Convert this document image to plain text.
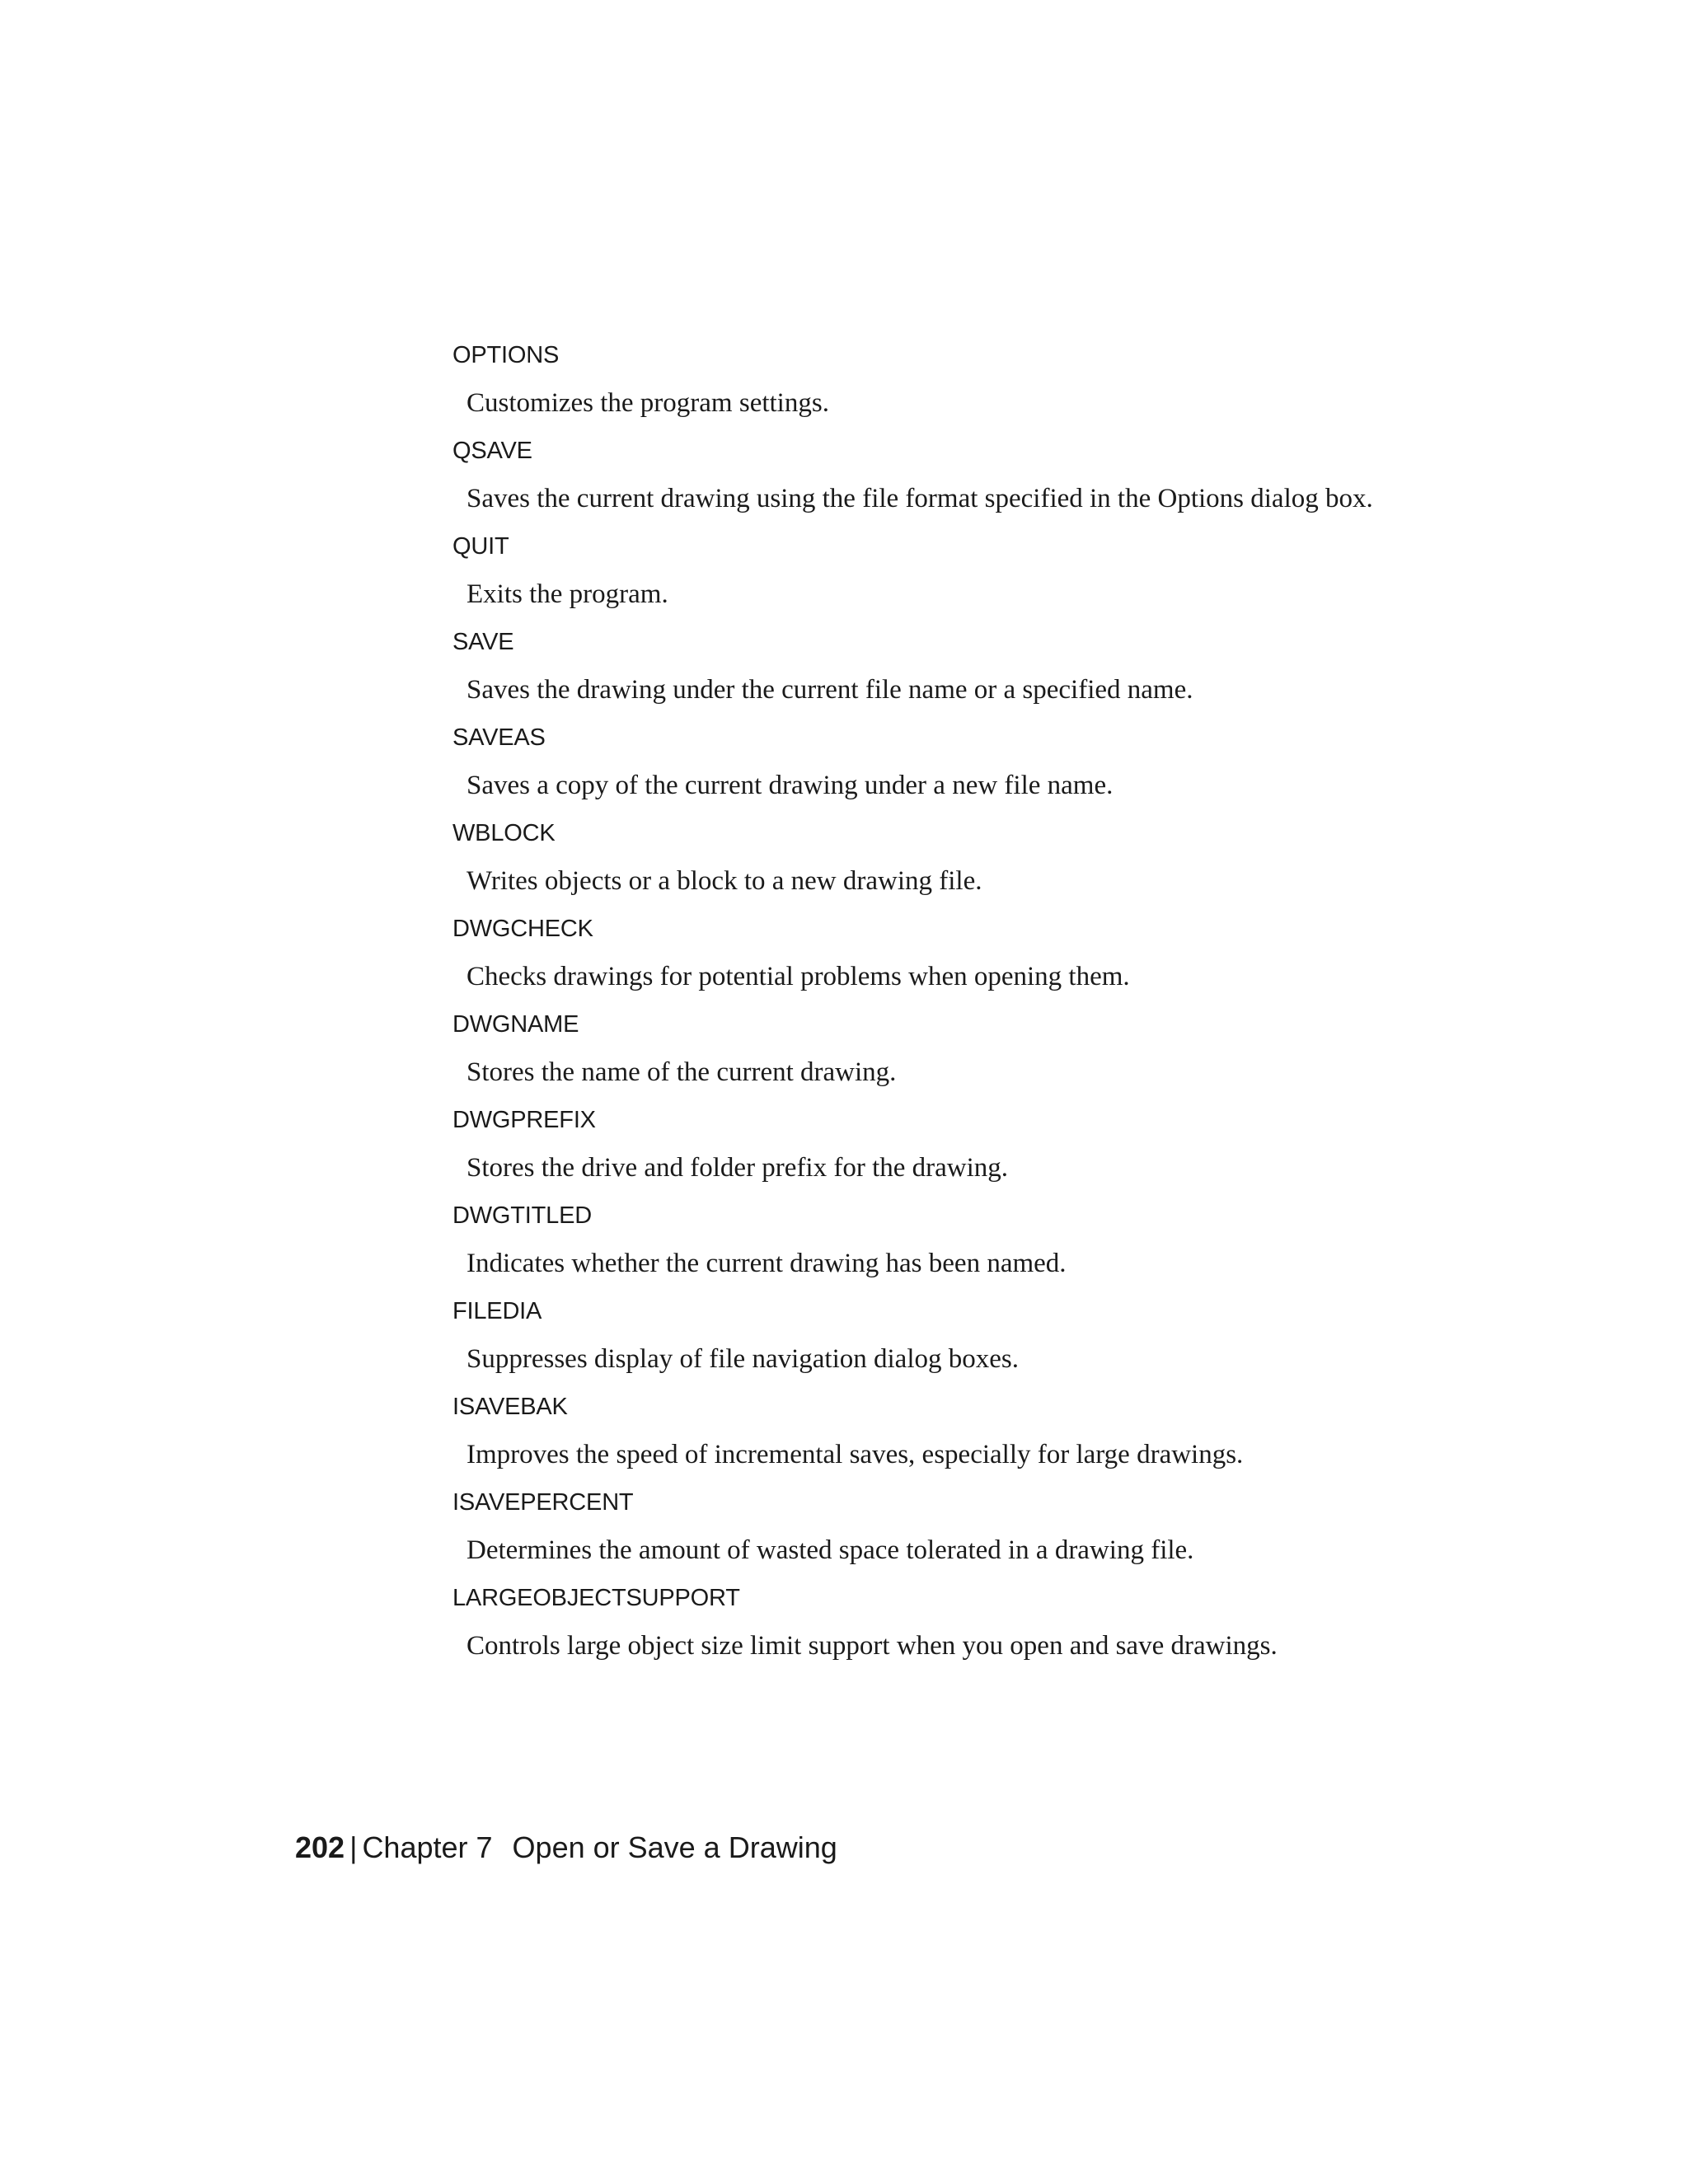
OPTIONS
Customizes the program settings.
QSAVE
Saves the current drawing using the file format specified in the Options dialog box.
QUIT
Exits the program.
SAVE
Saves the drawing under the current file name or a specified name.
SAVEAS
Saves a copy of the current drawing under a new file name.
WBLOCK
Writes objects or a block to a new drawing file.
DWGCHECK
Checks drawings for potential problems when opening them.
DWGNAME
Stores the name of the current drawing.
DWGPREFIX
Stores the drive and folder prefix for the drawing.
DWGTITLED
Indicates whether the current drawing has been named.
FILEDIA
Suppresses display of file navigation dialog boxes.
ISAVEBAK
Improves the speed of incremental saves, especially for large drawings.
ISAVEPERCENT
Determines the amount of wasted space tolerated in a drawing file.
LARGEOBJECTSUPPORT
Controls large object size limit support when you open and save drawings.
202 | Chapter 7 Open or Save a Drawing
